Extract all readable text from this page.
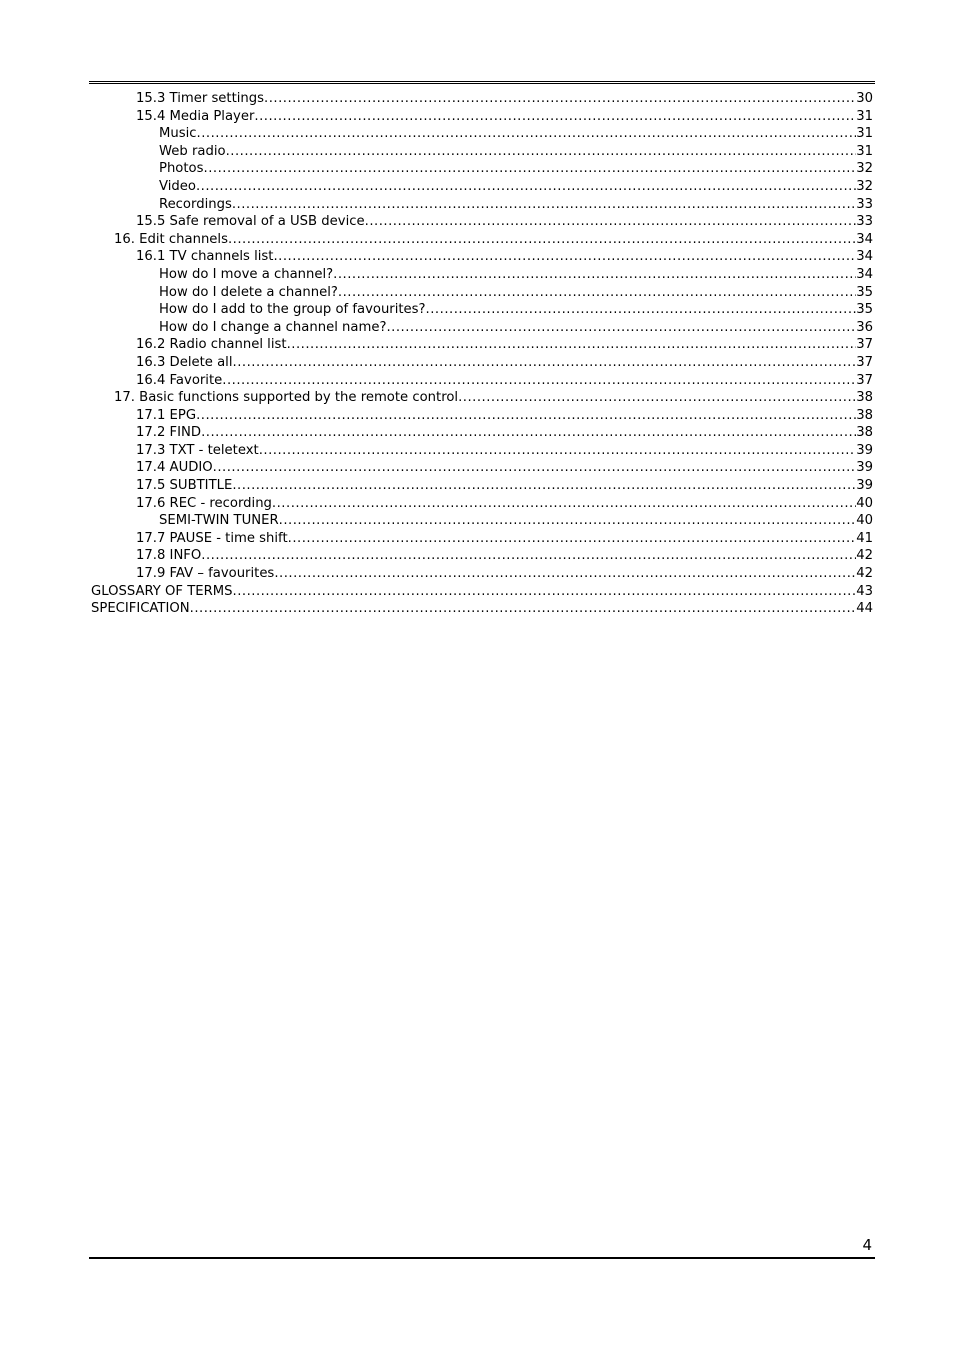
15.3 Timer settings .....	30
15.4 Media Player .....	31
Music .....	31
Web radio .....	31
Photos .....	32
Video .....	32
Recordings .....	33
15.5 Safe removal of a USB device .....	33
16. Edit channels .....	34
16.1 TV channels list .....	34
How do I move a channel? .....	34
How do I delete a channel? .....	35
How do I add to the group of favourites? .....	35
How do I change a channel name? .....	36
16.2 Radio channel list .....	37
16.3 Delete all .....	37
16.4 Favorite .....	37
17. Basic functions supported by the remote control .....	38
17.1 EPG .....	38
17.2 FIND .....	38
17.3 TXT - teletext .....	39
17.4 AUDIO .....	39
17.5 SUBTITLE .....	39
17.6 REC - recording .....	40
SEMI-TWIN TUNER .....	40
17.7 PAUSE - time shift .....	41
17.8 INFO .....	42
17.9 FAV – favourites .....	42
GLOSSARY OF TERMS .....	43
SPECIFICATION .....	44
4
